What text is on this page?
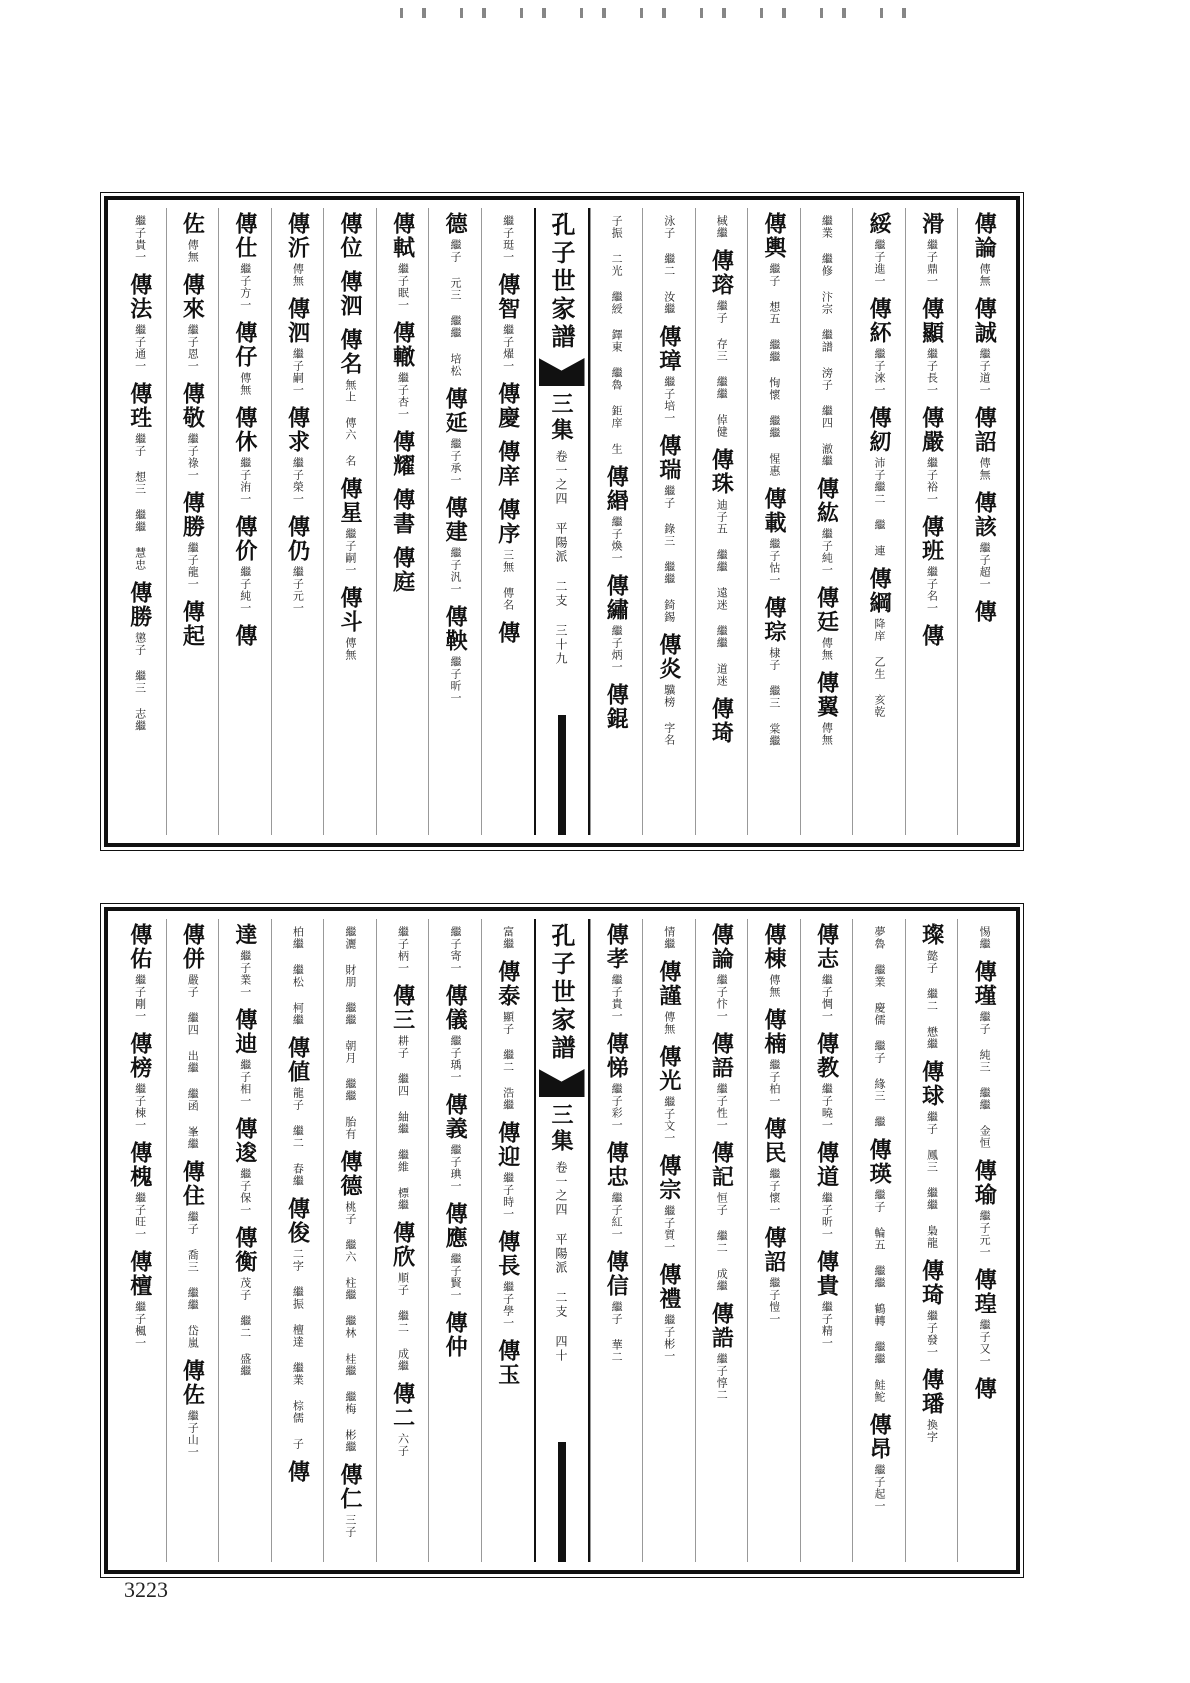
傳論
傳無
傳誠
繼子道一
傳詔
傳無
傳該
繼子超一
傳
滑
繼子鼎一
傳顯
繼子長一
傳嚴
繼子裕一
傳班
繼子名一
傳
綏
繼子進一
傳紑
繼子淶一
傳紉
沛子繼二 繼 連
傳綱
降庠 乙生 亥乾
繼業 繼修 汴宗 繼譜 滂子 繼四 澈繼
傳紘
繼子純一
傳廷
傳無
傳翼
傳無
傳輿
繼子 想五 繼繼 恂懷 繼繼 惺惠
傳載
繼子怙一
傳琮
棣子 繼三 棠繼
棫繼
傳瑢
繼子 存三 繼繼 倬健
傳珠
迪子五 繼繼 遠迷 繼繼 道迷
傳琦
泳子 繼二 汝繼
傳璋
繼子培一
傳瑞
繼子 錄三 繼繼 錡錫
傳炎
驥榜 字名
子振 二光 繼綬 鐸東 繼魯 鉅庠 生
傳緡
繼子煥一
傳繡
繼子炳一
傳錕
孔子世家譜
三集
卷一之四 平陽派 二支 三十九
繼子珽一
傳智
繼子燿一
傳慶
傳庠
傳序
三無 傳名
傳
德
繼子 元三 繼繼 培松
傳延
繼子承一
傳建
繼子汎一
傳鞅
繼子昕一
傳軾
繼子眠一
傳轍
繼子杏一
傳耀
傳書
傳庭
傳位
傳泗
傳名
無上 傳六 名
傳星
繼子嗣一
傳斗
傳無
傳沂
傳無
傳泗
繼子嗣一
傳求
繼子榮一
傳仍
繼子元一
傳仕
繼子方一
傳仔
傳無
傳休
繼子洧一
傳价
繼子純一
傳
佐
傳無
傳來
繼子恩一
傳敬
繼子祿一
傳勝
繼子龍一
傳起
繼子貴一
傳法
繼子通一
傳珄
繼子 想三 繼繼 慧忠
傳勝
懲子 繼三 志繼
惕繼
傳瑾
繼子 純三 繼繼 金恒
傳瑜
繼子元一
傳瑝
繼子又一
傳
璨
懿子 繼二 懋繼
傳球
繼子 鳳三 繼繼 梟龍
傳琦
繼子發一
傳璠
換字
夢魯 繼業 慶儒 繼子 緣三 繼
傳瑛
繼子 輪五 繼繼 鶴轉 繼繼 鮭鮀
傳昂
繼子起一
傳志
繼子惆一
傳教
繼子曉一
傳道
繼子昕一
傳貴
繼子精一
傳棟
傳無
傳楠
繼子柏一
傳民
繼子懷一
傳詔
繼子愷一
傳論
繼子忭一
傳語
繼子性一
傳記
恒子 繼二 成繼
傳誥
繼子惇二
情繼
傳謹
傳無
傳光
繼子文一
傳宗
繼子質一
傳禮
繼子彬一
傳孝
繼子貴一
傳悌
繼子彩一
傳忠
繼子紅一
傳信
繼子 華二
孔子世家譜
三集
卷一之四 平陽派 二支 四十
富繼
傳泰
顯子 繼二 浩繼
傳迎
繼子時一
傳長
繼子學一
傳玉
繼子寄一
傳儀
繼子瑀一
傳義
繼子琠一
傳應
繼子賢一
傳仲
繼子柄一
傳三
耕子 繼四 紬繼 繼維 標繼
傳欣
順子 繼二 成繼
傳二
六子
繼灑 財朋 繼繼 朝月 繼繼 胎有
傳德
桃子 繼六 柱繼 繼林 桂繼 繼梅 彬繼
傳仁
三子
柏繼 繼松 柯繼
傳値
龍子 繼二 春繼
傳俊
二字 繼振 檀達 繼業 棕儒 子
傳
達
繼子業一
傳迪
繼子相一
傳逡
繼子保一
傳衡
茂子 繼二 盛繼
傳併
嚴子 繼四 出繼 繼函 峯繼
傳住
繼子 喬三 繼繼 岱嵐
傳佐
繼子山一
傳佑
繼子剛一
傳榜
繼子棟一
傳槐
繼子旺一
傳檀
繼子楓一
3223
